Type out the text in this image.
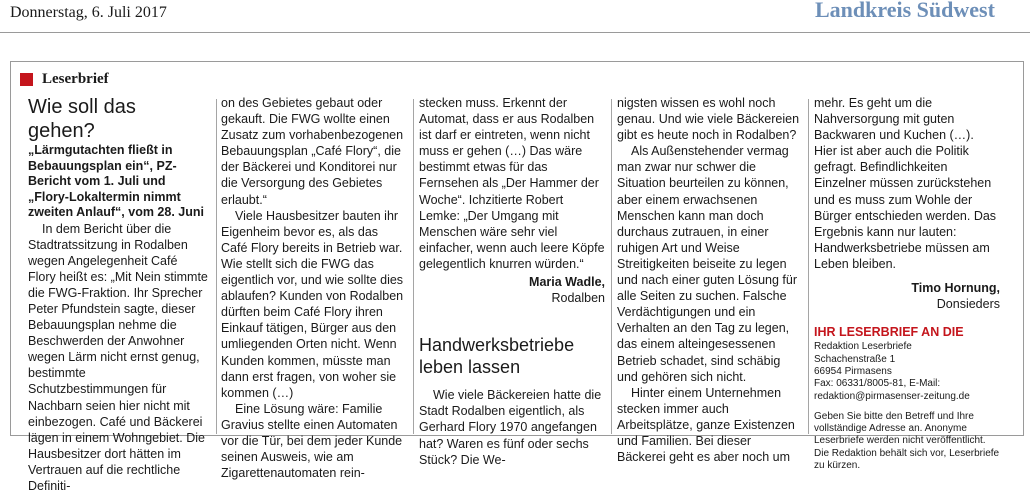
Donnerstag, 6. Juli 2017	Landkreis Südwest
Leserbrief
Wie soll das gehen?

„Lärmgutachten fließt in Bebauungsplan ein“, PZ-Bericht vom 1. Juli und „Flory-Lokaltermin nimmt zweiten Anlauf“, vom 28. Juni

In dem Bericht über die Stadtratssitzung in Rodalben wegen Angelegenheit Café Flory heißt es: „Mit Nein stimmte die FWG-Fraktion. Ihr Sprecher Peter Pfundstein sagte, dieser Bebauungsplan nehme die Beschwerden der Anwohner wegen Lärm nicht ernst genug, bestimmte Schutzbestimmungen für Nachbarn seien hier nicht mit einbezogen. Café und Bäckerei lägen in einem Wohngebiet. Die Hausbesitzer dort hätten im Vertrauen auf die rechtliche Definiti-

on des Gebietes gebaut oder gekauft. Die FWG wollte einen Zusatz zum vorhabenbezogenen Bebauungsplan „Café Flory“, die der Bäckerei und Konditorei nur die Versorgung des Gebietes erlaubt.“

Viele Hausbesitzer bauten ihr Eigenheim bevor es, als das Café Flory bereits in Betrieb war. Wie stellt sich die FWG das eigentlich vor, und wie sollte dies ablaufen? Kunden von Rodalben dürften beim Café Flory ihren Einkauf tätigen, Bürger aus den umliegenden Orten nicht. Wenn Kunden kommen, müsste man dann erst fragen, von woher sie kommen (…)

Eine Lösung wäre: Familie Gravius stellte einen Automaten vor die Tür, bei dem jeder Kunde seinen Ausweis, wie am Zigarettenautomaten rein-

stecken muss. Erkennt der Automat, dass er aus Rodalben ist darf er eintreten, wenn nicht muss er gehen (…) Das wäre bestimmt etwas für das Fernsehen als „Der Hammer der Woche“. Ichzitierte Robert Lemke: „Der Umgang mit Menschen wäre sehr viel einfacher, wenn auch leere Köpfe gelegentlich knurren würden.“

Maria Wadle,

Rodalben

Handwerksbetriebe
leben lassen

Wie viele Bäckereien hatte die Stadt Rodalben eigentlich, als Gerhard Flory 1970 angefangen hat? Waren es fünf oder sechs Stück? Die We-

nigsten wissen es wohl noch genau. Und wie viele Bäckereien gibt es heute noch in Rodalben?

Als Außenstehender vermag man zwar nur schwer die Situation beurteilen zu können, aber einem erwachsenen Menschen kann man doch durchaus zutrauen, in einer ruhigen Art und Weise Streitigkeiten beiseite zu legen und nach einer guten Lösung für alle Seiten zu suchen. Falsche Verdächtigungen und ein Verhalten an den Tag zu legen, das einem alteingesessenen Betrieb schadet, sind schäbig und gehören sich nicht.

Hinter einem Unternehmen stecken immer auch Arbeitsplätze, ganze Existenzen und Familien. Bei dieser Bäckerei geht es aber noch um

mehr. Es geht um die Nahversorgung mit guten Backwaren und Kuchen (…). Hier ist aber auch die Politik gefragt. Befindlichkeiten Einzelner müssen zurückstehen und es muss zum Wohle der Bürger entschieden werden. Das Ergebnis kann nur lauten: Handwerksbetriebe müssen am Leben bleiben.

Timo Hornung,

Donsieders

IHR LESERBRIEF AN DIE

Redaktion Leserbriefe
Schachenstraße 1
66954 Pirmasens
Fax: 06331/8005-81, E-Mail:
redaktion@pirmasenser-zeitung.de
Geben Sie bitte den Betreff und Ihre vollständige Adresse an. Anonyme Leserbriefe werden nicht veröffentlicht. Die Redaktion behält sich vor, Leserbriefe zu kürzen.
